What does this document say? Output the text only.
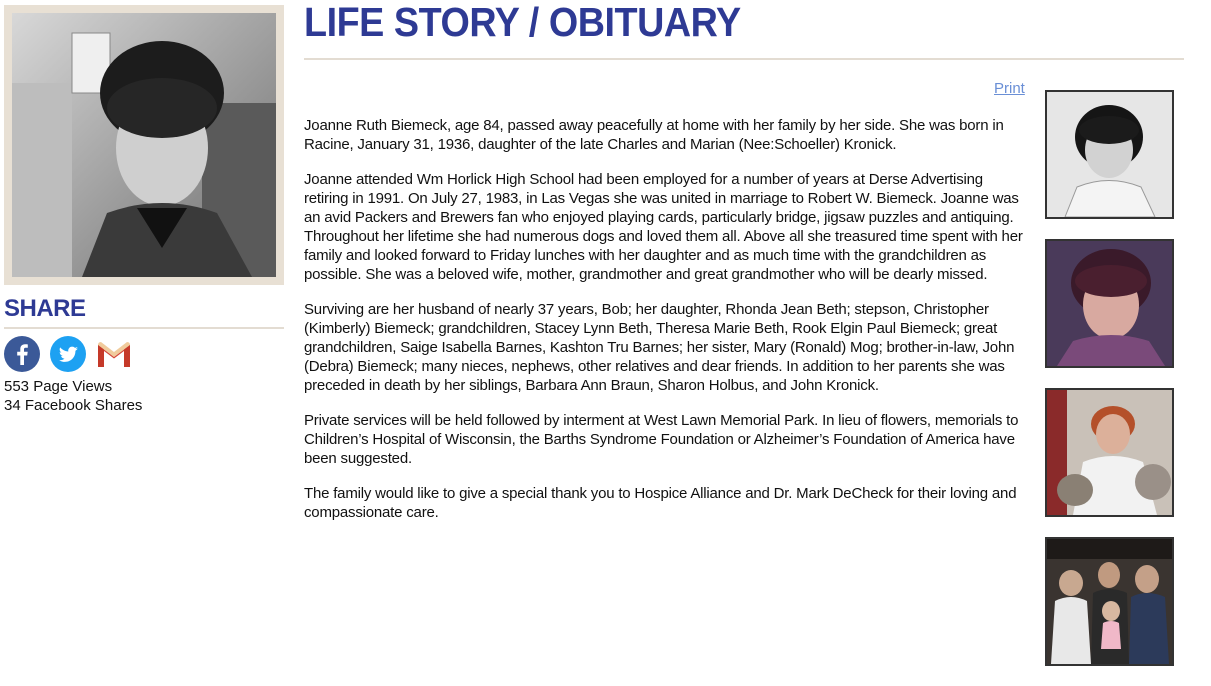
SHARE
553 Page Views
34 Facebook Shares
LIFE STORY / OBITUARY
Print

Joanne Ruth Biemeck, age 84, passed away peacefully at home with her family by her side. She was born in Racine, January 31, 1936, daughter of the late Charles and Marian (Nee:Schoeller) Kronick.

Joanne attended Wm Horlick High School had been employed for a number of years at Derse Advertising retiring in 1991. On July 27, 1983, in Las Vegas she was united in marriage to Robert W. Biemeck. Joanne was an avid Packers and Brewers fan who enjoyed playing cards, particularly bridge, jigsaw puzzles and antiquing. Throughout her lifetime she had numerous dogs and loved them all. Above all she treasured time spent with her family and looked forward to Friday lunches with her daughter and as much time with the grandchildren as possible. She was a beloved wife, mother, grandmother and great grandmother who will be dearly missed.

Surviving are her husband of nearly 37 years, Bob; her daughter, Rhonda Jean Beth; stepson, Christopher (Kimberly) Biemeck; grandchildren, Stacey Lynn Beth, Theresa Marie Beth, Rook Elgin Paul Biemeck; great grandchildren, Saige Isabella Barnes, Kashton Tru Barnes; her sister, Mary (Ronald) Mog; brother-in-law, John (Debra) Biemeck; many nieces, nephews, other relatives and dear friends. In addition to her parents she was preceded in death by her siblings, Barbara Ann Braun, Sharon Holbus, and John Kronick.

Private services will be held followed by interment at West Lawn Memorial Park. In lieu of flowers, memorials to Children’s Hospital of Wisconsin, the Barths Syndrome Foundation or Alzheimer’s Foundation of America have been suggested.

The family would like to give a special thank you to Hospice Alliance and Dr. Mark DeCheck for their loving and compassionate care.
